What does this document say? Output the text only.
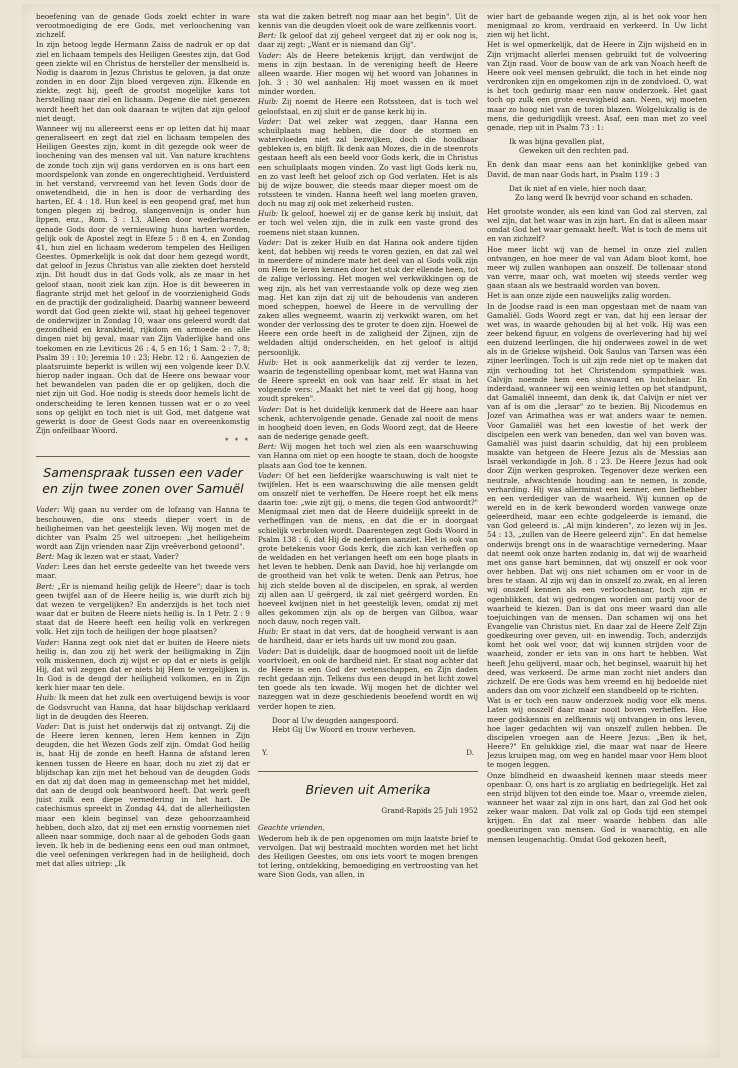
beoefening van de genade Gods zoekt echter in ware verootmoediging de ere Gods, met verloochening van zichzelf.

In zijn betoog legde Hermann Zaiss de nadruk er op dat ziel en lichaam tempels des Heiligen Geestes zijn, dat God geen ziekte wil en Christus de hersteller der menslheid is. Nodig is daarom in Jezus Christus te geloven, ja dat onze zonden in en door Zijn bloed vergeven zijn. Elkende en ziekte, zegt hij, geeft de grootst mogelijke kans tot herstelling naar ziel en lichaam. Degene die niet genezen wordt heeft het dan ook daaraan te wijten dat zijn geloof niet deugt.

Wanneer wij nu allereerst eens er op letten dat hij maar generaliseert en zegt dat ziel en lichaam tempelen des Heiligen Geestes zijn, komt in dit gezegde ook weer de loochening van des mensen val uit. Van nature krachtens de zonde toch zijn wij gans verdorven en is ons hart een moordspelonk van zonde en ongerechtigheid. Verduisterd in het verstand, vervreemd van het leven Gods door de onwetendheid, die in hen is door de verharding des harten, Ef. 4 : 18. Hun keel is een geopend graf, met hun tongen plegen zij bedrog, slangenvenijn is onder hun lippen, enz., Rom. 3 : 13. Alleen door wederbarende genade Gods door de vernieuwing huns harten worden, gelijk ook de Apostel zegt in Efeze 5 : 8 en 4, en Zondag 41, hun ziel en lichaam wederom tempelen des Heiligen Geestes. Opmerkelijk is ook dat door hem gezegd wordt, dat geloof in Jezus Christus van alle ziekten doet hersteld zijn. Dit houdt dus in dat Gods volk, als ze maar in het geloof staan, nooit ziek kan zijn. Hoe is dit beweeren in flagrante strijd met het geloof in de voorzienigheid Gods en de practijk der godzaligheid. Daarbij wanneer beweerd wordt dat God geen ziekte wil, staat hij geheel tegenover de onderwijzer in Zondag 10, waar ons geleerd wordt dat gezondheid en krankheid, rijkdom en armoede en alle dingen niet bij geval, maar van Zijn Vaderlijke hand ons toekomen en zie Leviticus 26 : 4, 5 en 16; 1 Sam. 2 : 7, 8; Psalm 39 : 10; Jeremia 10 : 23; Hebr. 12 : 6. Aangezien de plaatsruimte beperkt is willen wij een volgende keer D.V. hierop nader ingaan. Och dat de Heere ons bewaar voor het bewandelen van paden die er op gelijken, doch die niet zijn uit God. Hoe nodig is steeds door hemels licht de onderscheiding te leren kennen tussen wat er o zo veel sons op gelijkt en toch niet is uit God, met datgene wat gewerkt is door de Geest Gods naar en overeenkomstig Zijn onfeilbaar Woord.

* * *
Samenspraak tussen een vader en zijn twee zonen over Samuël

Vader: Wij gaan nu verder om de lofzang van Hanna te beschouwen, die ons steeds dieper voert in de heiligheimen van het geestelijk leven. Wij mogen met de dichter van Psalm 25 wel uitroepen: „het heiligeheim wordt aan Zijn vrienden naar Zijn vreêverbond getoond".

Bert: Mag ik lezen wat er staat, Vader?

Vader: Lees dan het eerste gedeelte van het tweede vers maar.

Bert: „Er is niemand heilig gelijk de Heere"; daar is toch geen twijfel aan of de Heere heilig is, wie durft zich bij dat wezen te vergelijken? En anderzijds is het toch niet waar dat er buiten de Heere niets heilig is. In 1 Petr. 2 : 9 staat dat de Heere heeft een heilig volk en verkregen volk. Het zijn toch de heiligen der hoge plaatsen?

Vader: Hanna zegt ook niet dat er buiten de Heere niets heilig is, dan zou zij het werk der heiligmaking in Zijn volk miskennen, doch zij wijst er op dat er niets is gelijk Hij, dat wil zeggen dat er niets bij Hem te vergelijken is. In God is de deugd der heiligheid volkomen, en in Zijn kerk hier maar ten dele.

Huib: Ik meen dat het zulk een overtuigend bewijs is voor de Godsvrucht van Hanna, dat haar blijdschap verklaard ligt in de deugden des Heeren.

Vader: Dat is juist het onderwijs dat zij ontvangt. Zij die de Heere leren kennen, leren Hem kennen in Zijn deugden, die het Wezen Gods zelf zijn. Omdat God heilig is, haat Hij de zonde en heeft Hanna de afstand leren kennen tussen de Heere en haar, doch nu ziet zij dat er blijdschap kan zijn met het behoud van de deugden Gods en dat zij dat doen mag in gemeenschap met het middel, dat aan de deugd ook beantwoord heeft. Dat werk geeft juist zulk een diepe vernedering in het hart. De catechismus spreekt in Zondag 44, dat de allerheiligsten maar een klein beginsel van deze gehoorzaamheid hebben, doch alzo, dat zij met een ernstig voornemen niet alleen naar sommige, doch naar al de geboden Gods gaan leven. Ik heb in de bediening eens een oud man ontmoet, die veel oefeningen verkregen had in de heiligheid, doch met dat alles uitriep: „Ik

sta wat die zaken betreft nog maar aan het begin". Uit de kennis van die deugden vloeit ook de ware zelfkennis voort.

Bert: Ik geloof dat zij geheel vergeet dat zij er ook nog is, daar zij zegt: „Want er is niemand dan Gij".

Vader: Als de Heere betekenis krijgt, dan verdwijnt de mens in zijn bestaan. In de vereniging heeft de Heere alleen waarde. Hier mogen wij het woord van Johannes in Joh. 3 : 30 wel aanhalen: Hij moet wassen en ik moet minder worden.

Huib: Zij noemt de Heere een Rotssteen, dat is toch wel geloofstaal, en zij sluit er de ganse kerk bij in.

Vader: Dat wel zeker wat zeggen, daar Hanna een schuilplaats mag hebben, die door de stormen en watervloeden niet zal bezwijken, doch die houdbaar gebleken is, en blijft. Ik denk aan Mozes, die in de steenrots gestaan heeft als een beeld voor Gods kerk, die in Christus een schuilplaats mogen vinden. Zo vast ligt Gods kerk nu, en zo vast leeft het geloof zich op God verlaten. Het is als bij de wijze bouwer, die steeds maar dieper moest om de rotssteen te vinden. Hanna heeft wel lang moeten graven, doch nu mag zij ook met zekerheid rusten.

Huib: Ik geloof, hoewel zij er de ganse kerk bij insluit, dat er toch wel velen zijn, die in zulk een vaste grond des roemens niet staan kunnen.

Vader: Dat is zeker Huib en dat Hanna ook andere tijden kent, dat hebben wij reeds te voren gezien, en dat zal wel in meerdere of mindere mate het deel van al Gods volk zijn om Hem te leren kennen door het stuk der ellende heen, tot de zalige verlossing. Het mogen wel verkwikkingen op de weg zijn, als het van verrestaande volk op deze weg zien mag. Het kan zijn dat zij uit de behoudenis van anderen moed scheppen, hoewel de Heere in de vervulling der zaken alles wegneemt, waarin zij verkwikt waren, om het wonder der verlossing des te groter te doen zijn. Hoewel de Heere een orde heeft in de zaligheid der Zijnen, zijn de weldaden altijd onderscheiden, en het geloof is altijd persoonlijk.

Huib: Het is ook aanmerkelijk dat zij verder te lezen, waarin de tegenstelling openbaar komt, met wat Hanna van de Heere spreekt en ook van haar zelf. Er staat in het volgende vers: „Maakt het niet te veel dat gij hoog, hoog zoudt spreken".

Vader: Dat is het duidelijk kenmerk dat de Heere aan haar schenk, achtervolgende genade. Genade zal nooit de mens in hoogheid doen leven, en Gods Woord zegt, dat de Heere aan de nederige genade geeft.

Bert: Wij mogen het toch wel zien als een waarschuwing van Hanna om niet op een hoogte te staan, doch de hoogste plaats aan God toe te kennen.

Vader: Of het een liefderijke waarschuwing is valt niet te twijfelen. Het is een waarschuwing die alle mensen geldt om onszelf niet te verheffen. De Heere roept het elk mens daarin toe: „wie zijt gij, o mens, die tegen God antwoordt?" Menigmaal ziet men dat de Heere duidelijk spreekt in de verheffingen van de mens, en dat die er in doorgaat schielijk verbroken wordt. Daarentegen zegt Gods Woord in Psalm 138 : 6, dat Hij de nederigen aanziet. Het is ook van grote betekenis voor Gods kerk, die zich kan verheffen op de weldaden en het verlangen heeft om een hoge plaats in het leven te hebben. Denk aan David, hoe hij verlangde om de grootheid van het volk te weten. Denk aan Petrus, hoe hij zich stelde boven al de discipelen, en sprak, al werden zij allen aan U geërgerd, ik zal niet geërgerd worden. En hoeveel kwijnen niet in het geestelijk leven, omdat zij met alles gekommen zijn als op de bergen van Gilboa, waar noch dauw, noch regen valt.

Huib: Er staat in dat vers, dat de hoogheid verwant is aan de hardheid, daar er iets hards uit uw mond zou gaan.

Vader: Dat is duidelijk, daar de hoogmoed nooit uit de liefde voortvloeit, en ook de hardheid niet. Er staat nog achter dat de Heere is een God der wetenschappen, en Zijn daden recht gedaan zijn. Telkens dus een deugd in het licht zowel ten goede als ten kwade. Wij mogen het de dichter wel nazeggen wat in deze geschiedenis beoefend wordt en wij verder hopen te zien.

Door al Uw deugden aangespoord.
Hebt Gij Uw Woord en trouw verheven.
Y.	D.
Brieven uit Amerika
Grand-Rapids 25 Juli 1952

Geachte vrienden,

Wederom heb ik de pen opgenomen om mijn laatste brief te vervolgen. Dat wij bestraald mochten worden met het licht des Heiligen Geestes, om ons iets voort te mogen brengen tot lering, ontdekking, bemoediging en vertroosting van het ware Sion Gods, van allen, in

wier hart de gebaande wegen zijn, al is het ook voor hen menigmaal zo krom, verdraaid en verkeerd. In Uw licht zien wij het licht.

Het is wel opmerkelijk, dat de Heere in Zijn wijsheid en in Zijn vrijmacht allerlei mensen gebruikt tot de volvoering van Zijn raad. Voor de bouw van de ark van Noach heeft de Heere ook veel mensen gebruikt, die toch in het einde nog verdronken zijn en omgekomen zijn in de zondvloed. O, wat is het toch gedurig maar een nauw onderzoek. Het gaat toch op zulk een grote eeuwigheid aan. Neen, wij moeten maar zo hoog niet van de toren blazen. Wolgelukzalig is de mens, die gedurigdlijk vreest. Asaf, een man met zo veel genade, riep uit in Psalm 73 : 1:

Ik was bijna gevallen plat,
Geweken uit den rechten pad.

En denk dan maar eens aan het koninklijke gebed van David, de man naar Gods hart, in Psalm 119 : 3

Dat ik niet af en viele, hier noch daar,
Zo lang werd Ik bevrijd voor schand en schaden.

Het grootste wonder, als een kind van God zal sterven, zal wel zijn, dat het waar was in zijn hart. En dat is alleen maar omdat God het waar gemaakt heeft. Wat is toch de mens uit en van zichzelf?

Hoe meer licht wij van de hemel in onze ziel zullen ontvangen, en hoe meer de val van Adam bloot komt, hoe meer wij zullen wanhopen aan onszelf. De tollenaar stond van verre, maar och, wat moeten wij steeds verder weg gaan staan als we bestraald worden van boven.

Het is aan onze zijde een nauwelijks zalig worden.

In de Joodse raad is een man opgestaan met de naam van Gamaliël. Gods Woord zegt er van, dat hij een leraar der wet was, in waarde gehouden bij al het volk. Hij was een zeer bekend figuur, en volgens de overlevering had hij wel een duizend leerlingen, die hij onderwees zowel in de wet als in de Griekse wijsheid. Ook Saulus van Tarsen was één zijner leerlingen. Toch is uit zijn rede niet op te maken dat zijn verhouding tot het Christendom sympathiek was. Calvijn noemde hem een sluwaard en huichelaar. En inderdaad, wanneer wij een weinig letten op het standpunt, dat Gamaliël inneemt, dan denk ik, dat Calvijn er niet ver van af is om die „leraar" zo te bezien. Bij Nicodemus en Jozef van Arimathea was er wat anders waar te nemen. Voor Gamaliël was het een kwestie of het werk der discipelen een werk van beneden, dan wel van boven was. Gamaliël was juist daarin schuldig, dat hij een probleem maakte van hetgeen de Heere Jezus als de Messias aan Israël verkondigde in Joh. 8 : 23. De Heere Jezus had ook door Zijn werken gesproken. Tegenover deze werken een neutrale, afwachtende houding aan te nemen, is zonde, verharding. Hij was allerminst een kenner, een liefhebber en een verdediger van de waarheid. Wij kunnen op de wereld en in de kerk bewonderd worden vanwege onze geleerdheid, maar een echte godgeleerde is iemand, die van God geleerd is. „Al mijn kinderen", zo lezen wij in Jes. 54 : 13, „zullen van de Heere geleerd zijn". En dat hemelse onderwijs brengt ons in de waarachtige vernedering. Maar dat neemt ook onze harten zodanig in, dat wij de waarheid met ons ganse hart beminnen, dat wij onszelf er ook voor over hebben. Dat wij ons niet schamen om er voor in de bres te staan. Al zijn wij dan in onszelf zo zwak, en al leren wij onszelf kennen als een verloochenaar, toch zijn er ogenblikken, dat wij gedrongen worden om partij voor de waarheid te kiezen. Dan is dat ons meer waard dan alle toejuichingen van de mensen. Dan schamen wij ons het Evangelie van Christus niet. En daar zal de Heere Zelf Zijn goedkeuring over geven, uit- en inwendig. Toch, anderzijds komt het ook wel voor, dat wij kunnen strijden voor de waarheid, zonder er iets van in ons hart te hebben. Wat heeft Jehu gelijverd, maar och, het beginsel, waaruit hij het deed, was verkeerd. De arme man zocht niet anders dan zichzelf. De ere Gods was hem vreemd en hij bedoelde niet anders dan om voor zichzelf een standbeeld op te richten.

Wat is er toch een nauw onderzoek nodig voor elk mens. Laten wij onszelf daar maar nooit boven verheffen. Hoe meer godskennis en zelfkennis wij ontvangen in ons leven, hoe lager gedachten wij van onszelf zullen hebben. De discipelen vroegen aan de Heere Jezus: „Ben ik het, Heere?" En gelukkige ziel, die maar wat naar de Heere Jezus kruipen mag, om weg en handel maar voor Hem bloot te mogen leggen.

Onze blindheid en dwaasheid kennen maar steeds meer openbaar. O, ons hart is zo argliatig en bedriegelijk. Het zal een strijd blijven tot den einde toe. Maar o, vreemde zielen, wanneer het waar zal zijn in ons hart, dan zal God het ook zeker waar maken. Dat volk zal op Gods tijd een stempel krijgen. En dat zal meer waarde hebben dan alle goedkeuringen van mensen. God is waarachtig, en alle mensen leugenachtig. Omdat God gekozen heeft,
